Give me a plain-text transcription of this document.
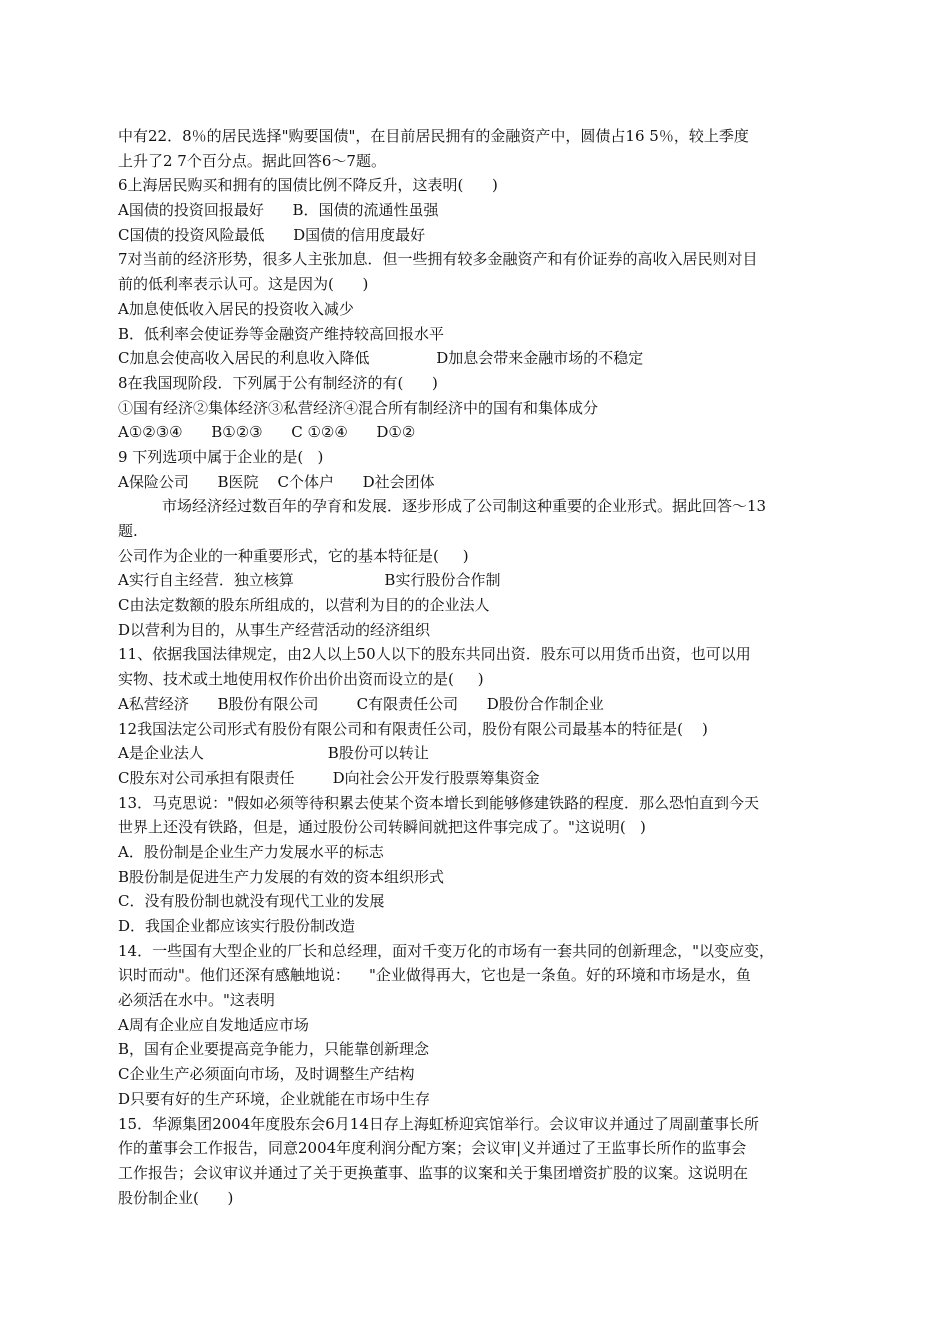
中有22．8％的居民选择"购要国债"，在目前居民拥有的金融资产中，圆债占16 5％，较上季度
上升了2 7个百分点。据此回答6～7题。
6上海居民购买和拥有的国债比例不降反升，这表明(      )
A国债的投资回报最好      B．国债的流通性虽强
C国债的投资风险最低      D国债的信用度最好
7对当前的经济形势，很多人主张加息．但一些拥有较多金融资产和有价证券的高收入居民则对目
前的低利率表示认可。这是因为(      )
A加息使低收入居民的投资收入减少
B．低利率会使证券等金融资产维持较高回报水平
C加息会使高收入居民的利息收入降低              D加息会带来金融市场的不稳定
8在我国现阶段．下列属于公有制经济的有(      )
①国有经济②集体经济③私营经济④混合所有制经济中的国有和集体成分
A①②③④      B①②③      C ①②④      D①②
9 下列选项中属于企业的是(   )
A保险公司      B医院    C个体户      D社会团体
市场经济经过数百年的孕育和发展．逐步形成了公司制这种重要的企业形式。据此回答～13
题.
公司作为企业的一种重要形式，它的基本特征是(     )
A实行自主经营．独立核算                   B实行股份合作制
C由法定数额的股东所组成的，以营利为目的的企业法人
D以营利为目的，从事生产经营活动的经济组织
11、依据我国法律规定，由2人以上50人以下的股东共同出资．股东可以用货币出资，也可以用
实物、技术或土地使用权作价出价出资而设立的是(     )
A私营经济      B股份有限公司        C有限责任公司      D股份合作制企业
12我国法定公司形式有股份有限公司和有限责任公司，股份有限公司最基本的特征是(    )
A是企业法人                          B股份可以转让
C股东对公司承担有限责任        D向社会公开发行股票筹集资金
13．马克思说："假如必须等待积累去使某个资本增长到能够修建铁路的程度．那么恐怕直到今天
世界上还没有铁路，但是，通过股份公司转瞬间就把这件事完成了。"这说明(   )
A．股份制是企业生产力发展水平的标志
B股份制是促进生产力发展的有效的资本组织形式
C．没有股份制也就没有现代工业的发展
D．我国企业都应该实行股份制改造
14．一些国有大型企业的厂长和总经理，面对千变万化的市场有一套共同的创新理念，"以变应变，
识时而动"。他们还深有感触地说：    "企业做得再大，它也是一条鱼。好的环境和市场是水，鱼
必须活在水中。"这表明
A周有企业应自发地适应市场
B，国有企业要提高竞争能力，只能靠创新理念
C企业生产必须面向市场，及时调整生产结构
D只要有好的生产环境，企业就能在市场中生存
15．华源集团2004年度股东会6月14日存上海虹桥迎宾馆举行。会议审议并通过了周副董事长所
作的董事会工作报告，同意2004年度利润分配方案；会议审|义并通过了王监事长所作的监事会
工作报告；会议审议并通过了关于更换董事、监事的议案和关于集团增资扩股的议案。这说明在
股份制企业(      )
